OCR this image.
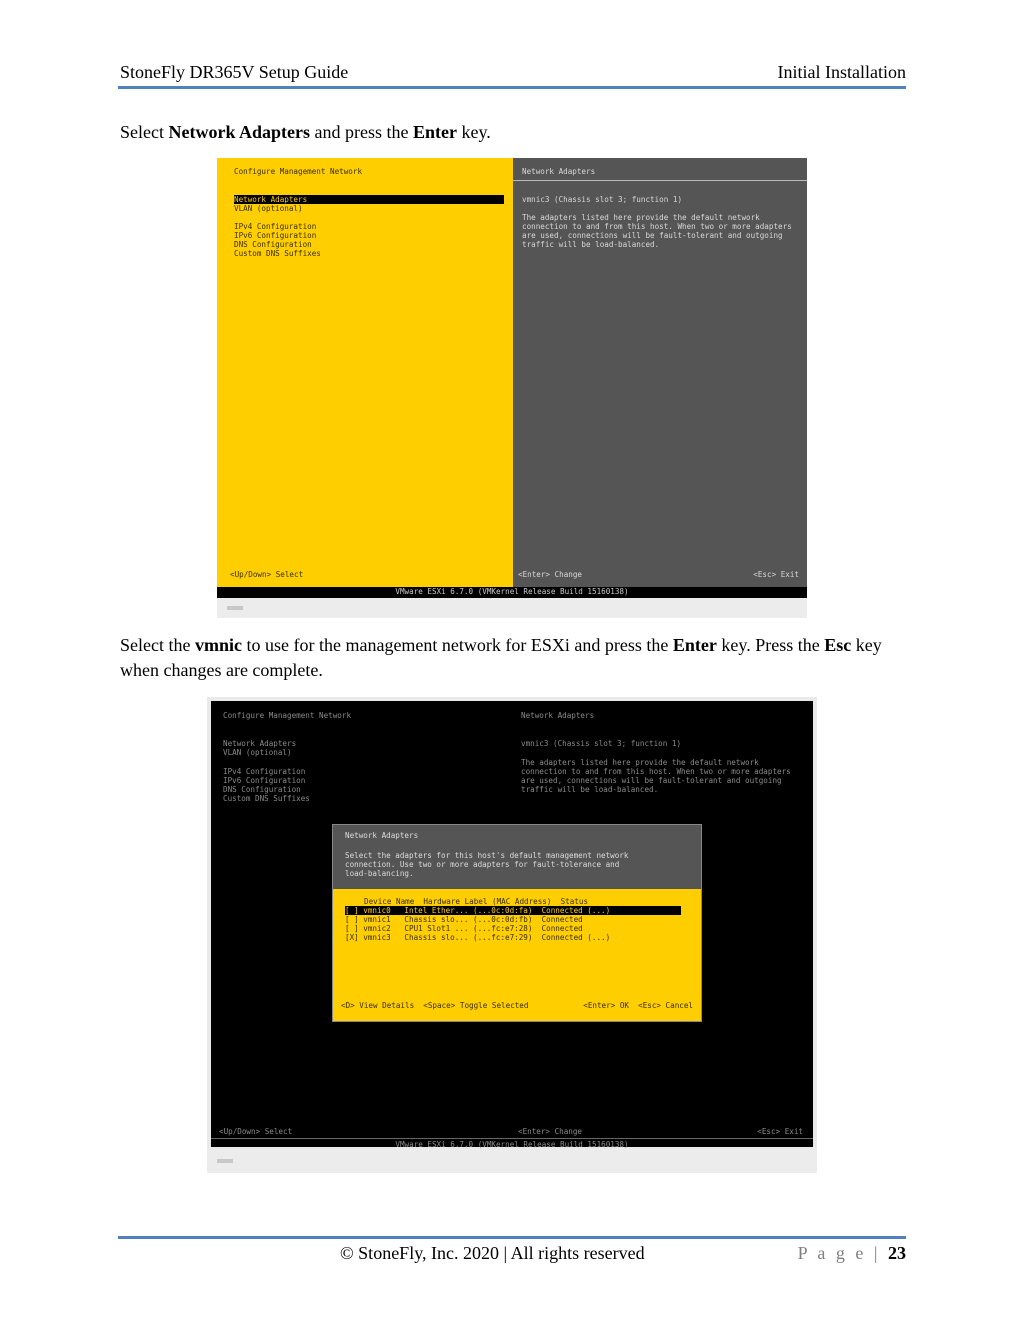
StoneFly DR365V Setup Guide	Initial Installation
Select Network Adapters and press the Enter key.
Configure Management Network
Network Adapters
VLAN (optional)
IPv4 Configuration
IPv6 Configuration
DNS Configuration
Custom DNS Suffixes
<Up/Down> Select
Network Adapters
vmnic3 (Chassis slot 3; function 1)
The adapters listed here provide the default network
connection to and from this host. When two or more adapters
are used, connections will be fault-tolerant and outgoing
traffic will be load-balanced.
<Enter> Change	<Esc> Exit
VMware ESXi 6.7.0 (VMKernel Release Build 15160138)
Select the vmnic to use for the management network for ESXi and press the Enter key. Press the Esc key when changes are complete.
Configure Management Network
Network Adapters
VLAN (optional)
IPv4 Configuration
IPv6 Configuration
DNS Configuration
Custom DNS Suffixes
Network Adapters
vmnic3 (Chassis slot 3; function 1)
The adapters listed here provide the default network
connection to and from this host. When two or more adapters
are used, connections will be fault-tolerant and outgoing
traffic will be load-balanced.
Network Adapters
Select the adapters for this host's default management network
connection. Use two or more adapters for fault-tolerance and
load-balancing.
Device Name  Hardware Label (MAC Address)  Status
[ ] vmnic0   Intel Ether... (...0c:0d:fa)  Connected (...)
[ ] vmnic1   Chassis slo... (...0c:0d:fb)  Connected
[ ] vmnic2   CPU1 Slot1 ... (...fc:e7:28)  Connected
[X] vmnic3   Chassis slo... (...fc:e7:29)  Connected (...)
<D> View Details  <Space> Toggle Selected	<Enter> OK  <Esc> Cancel
<Up/Down> Select	<Enter> Change	<Esc> Exit
VMware ESXi 6.7.0 (VMKernel Release Build 15160138)
© StoneFly, Inc. 2020 | All rights reserved	P a g e | 23
